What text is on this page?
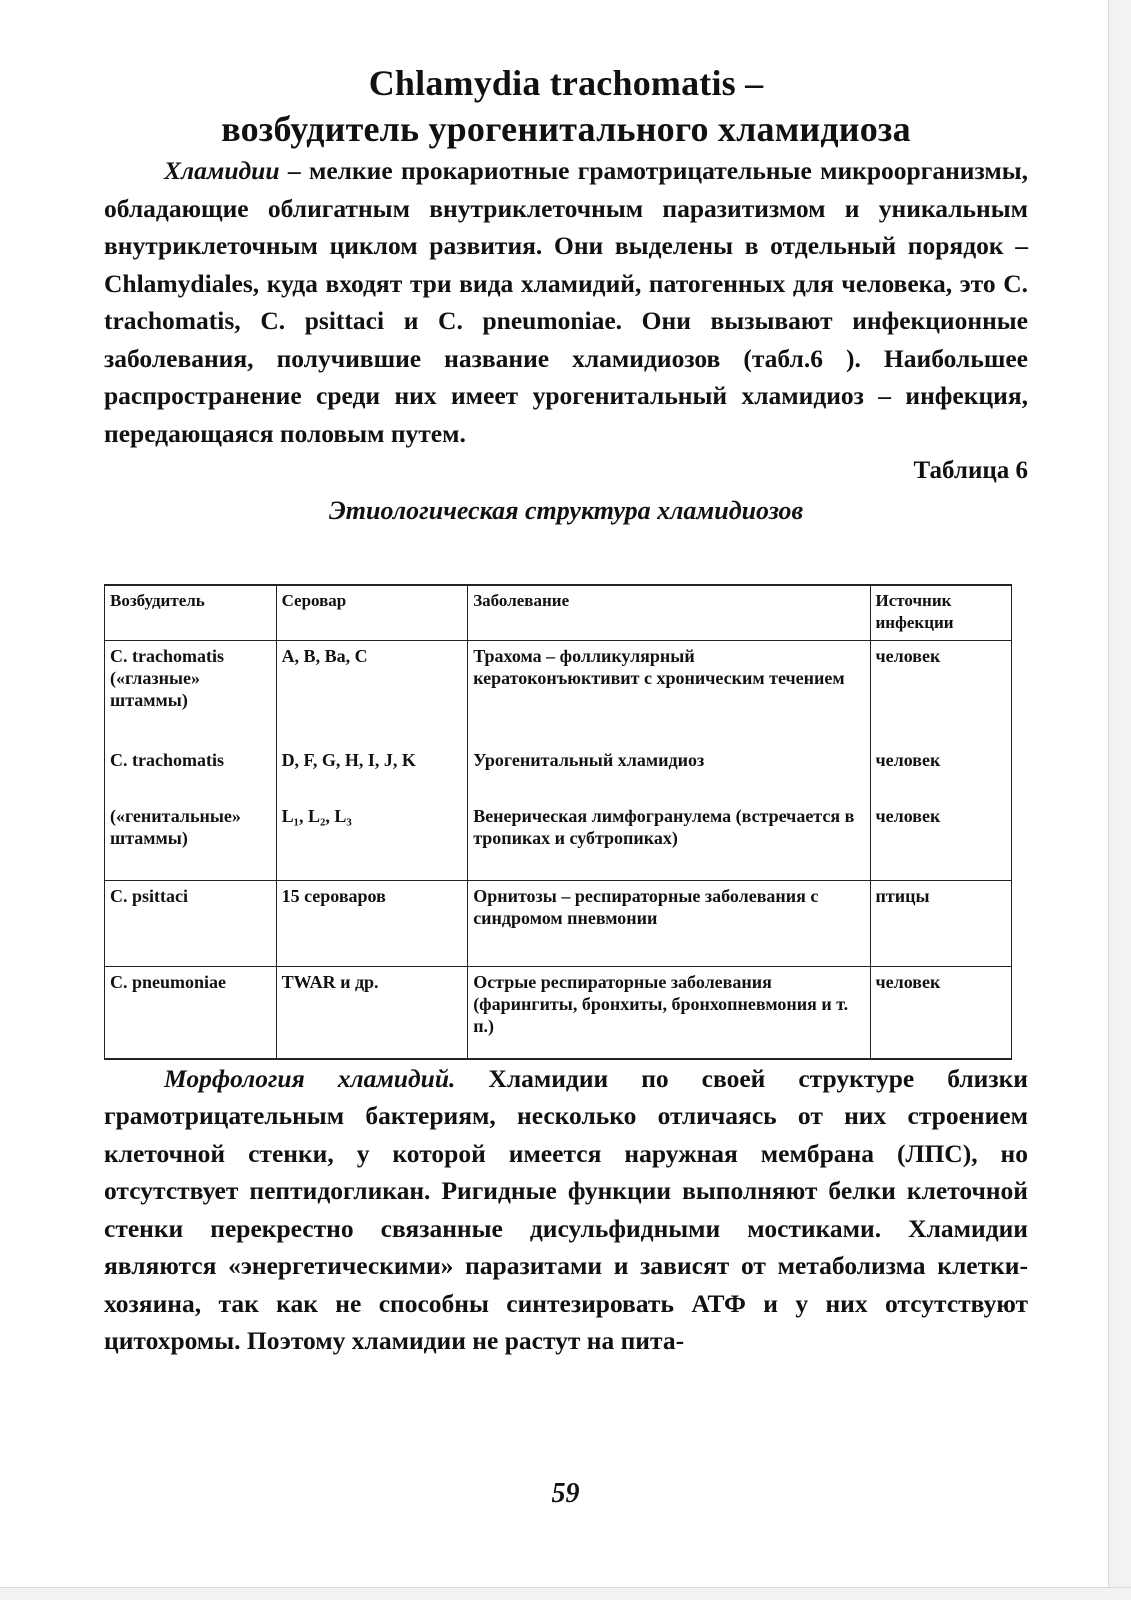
Chlamydia trachomatis –
возбудитель урогенитального хламидиоза

Хламидии – мелкие прокариотные грамотрицательные микроорганизмы, обладающие облигатным внутриклеточным паразитизмом и уникальным внутриклеточным циклом развития. Они выделены в отдельный порядок – Chlamydiales, куда входят три вида хламидий, патогенных для человека, это C. trachomatis, C. psittaci и C. pneumoniae. Они вызывают инфекционные заболевания, получившие название хламидиозов (табл.6 ). Наибольшее распространение среди них имеет урогенитальный хламидиоз – инфекция, передающаяся половым путем.

Таблица 6
Этиологическая структура хламидиозов
Возбудитель	Серовар	Заболевание	Источник инфекции
C. trachomatis («глазные» штаммы)	A, B, Ba, C	Трахома – фолликулярный кератоконъюктивит с хроническим течением	человек
C. trachomatis	D, F, G, H, I, J, K	Урогенитальный хламидиоз	человек
(«генитальные» штаммы)	L₁, L₂, L₃	Венерическая лимфогранулема (встречается в тропиках и субтропиках)	человек
C. psittaci	15 сероваров	Орнитозы – респираторные заболевания с синдромом пневмонии	птицы
C. pneumoniae	TWAR и др.	Острые респираторные заболевания (фарингиты, бронхиты, бронхопневмония и т. п.)	человек

Морфология хламидий. Хламидии по своей структуре близки грамотрицательным бактериям, несколько отличаясь от них строением клеточной стенки, у которой имеется наружная мембрана (ЛПС), но отсутствует пептидогликан. Ригидные функции выполняют белки клеточной стенки перекрестно связанные дисульфидными мостиками. Хламидии являются «энергетическими» паразитами и зависят от метаболизма клетки-хозяина, так как не способны синтезировать АТФ и у них отсутствуют цитохромы. Поэтому хламидии не растут на пита-

59
